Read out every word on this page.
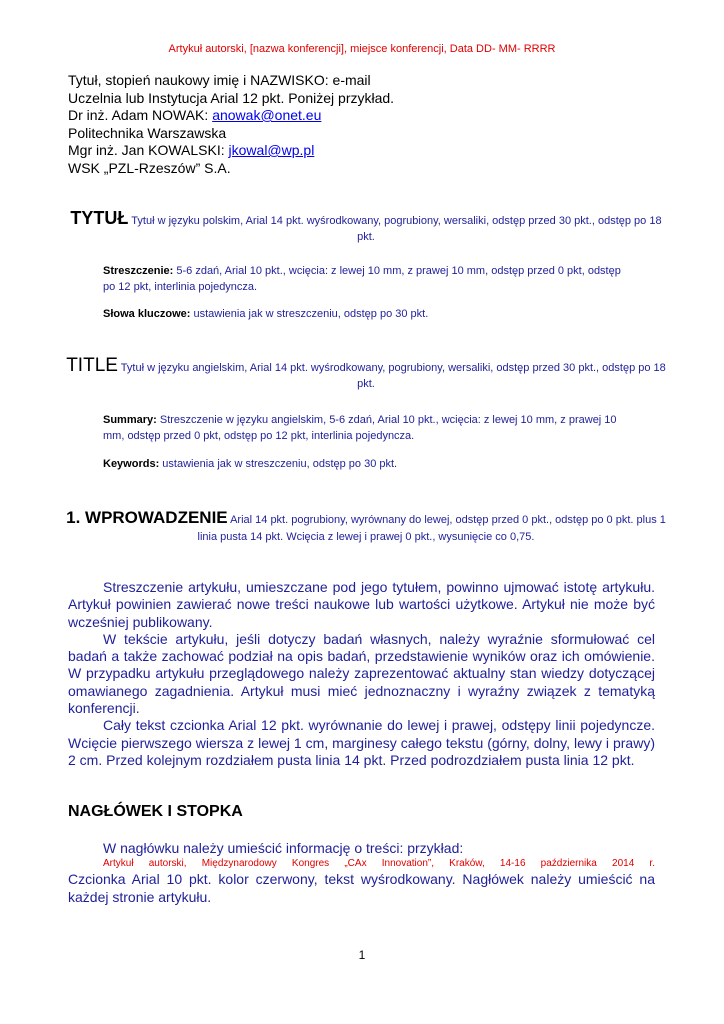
Artykuł autorski, [nazwa konferencji], miejsce konferencji, Data DD- MM- RRRR
Tytuł, stopień naukowy imię i NAZWISKO: e-mail
Uczelnia lub Instytucja Arial 12 pkt. Poniżej przykład.
Dr inż. Adam NOWAK: anowak@onet.eu
Politechnika Warszawska
Mgr inż. Jan KOWALSKI: jkowal@wp.pl
WSK „PZL-Rzeszów” S.A.
TYTUŁ Tytuł w języku polskim, Arial 14 pkt. wyśrodkowany, pogrubiony, wersaliki, odstęp przed 30 pkt., odstęp po 18 pkt.
Streszczenie: 5-6 zdań, Arial 10 pkt., wcięcia: z lewej 10 mm, z prawej 10 mm, odstęp przed 0 pkt, odstęp po 12 pkt, interlinia pojedyncza.
Słowa kluczowe: ustawienia jak w streszczeniu, odstęp po 30 pkt.
TITLE Tytuł w języku angielskim, Arial 14 pkt. wyśrodkowany, pogrubiony, wersaliki, odstęp przed 30 pkt., odstęp po 18 pkt.
Summary: Streszczenie w języku angielskim, 5-6 zdań, Arial 10 pkt., wcięcia: z lewej 10 mm, z prawej 10 mm, odstęp przed 0 pkt, odstęp po 12 pkt, interlinia pojedyncza.
Keywords: ustawienia jak w streszczeniu, odstęp po 30 pkt.
1. WPROWADZENIE Arial 14 pkt. pogrubiony, wyrównany do lewej, odstęp przed 0 pkt., odstęp po 0 pkt. plus 1 linia pusta 14 pkt. Wcięcia z lewej i prawej 0 pkt., wysunięcie co 0,75.

Streszczenie artykułu, umieszczane pod jego tytułem, powinno ujmować istotę artykułu. Artykuł powinien zawierać nowe treści naukowe lub wartości użytkowe. Artykuł nie może być wcześniej publikowany.

W tekście artykułu, jeśli dotyczy badań własnych, należy wyraźnie sformułować cel badań a także zachować podział na opis badań, przedstawienie wyników oraz ich omówienie. W przypadku artykułu przeglądowego należy zaprezentować aktualny stan wiedzy dotyczącej omawianego zagadnienia. Artykuł musi mieć jednoznaczny i wyraźny związek z tematyką konferencji.

Cały tekst czcionka Arial 12 pkt. wyrównanie do lewej i prawej, odstępy linii pojedyncze. Wcięcie pierwszego wiersza z lewej 1 cm, marginesy całego tekstu (górny, dolny, lewy i prawy) 2 cm. Przed kolejnym rozdziałem pusta linia 14 pkt. Przed podrozdziałem pusta linia 12 pkt.

NAGŁÓWEK I STOPKA

W nagłówku należy umieścić informację o treści: przykład:

Artykuł autorski, Międzynarodowy Kongres „CAx Innovation”, Kraków, 14-16 października 2014 r.

Czcionka Arial 10 pkt. kolor czerwony, tekst wyśrodkowany. Nagłówek należy umieścić na każdej stronie artykułu.

1
